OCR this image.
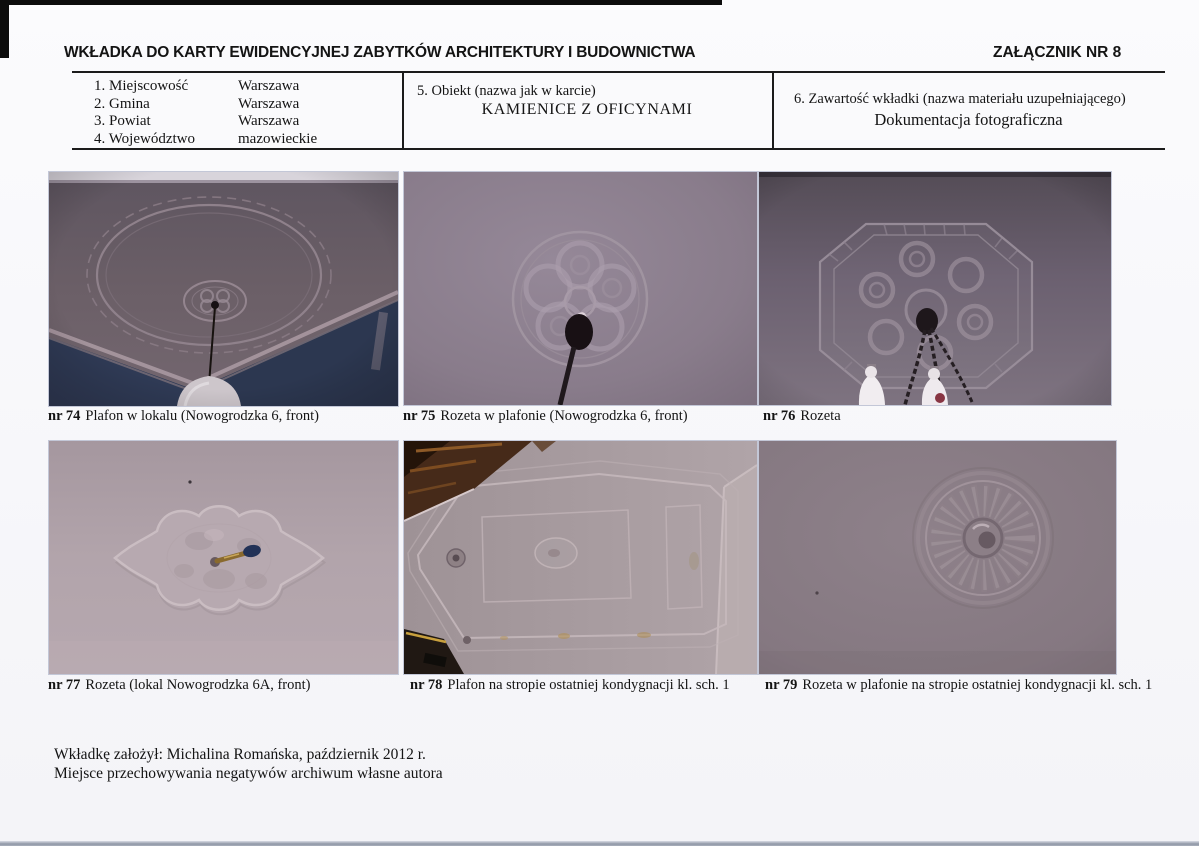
WKŁADKA DO KARTY EWIDENCYJNEJ ZABYTKÓW ARCHITEKTURY I BUDOWNICTWA	ZAŁĄCZNIK NR 8
1. Miejscowość	Warszawa
2. Gmina	Warszawa
3. Powiat	Warszawa
4. Województwo	mazowieckie
5. Obiekt (nazwa jak w karcie)
KAMIENICE Z OFICYNAMI
6. Zawartość wkładki (nazwa materiału uzupełniającego)
Dokumentacja fotograficzna
nr 74 Plafon w lokalu (Nowogrodzka 6, front)	nr 75 Rozeta w plafonie (Nowogrodzka 6, front)	nr 76 Rozeta
nr 77 Rozeta (lokal Nowogrodzka 6A, front)	nr 78 Plafon na stropie ostatniej kondygnacji kl. sch. 1 nr 79 Rozeta w plafonie na stropie ostatniej kondygnacji kl. sch. 1
Wkładkę założył: Michalina Romańska, październik 2012 r.
Miejsce przechowywania negatywów archiwum własne autora
